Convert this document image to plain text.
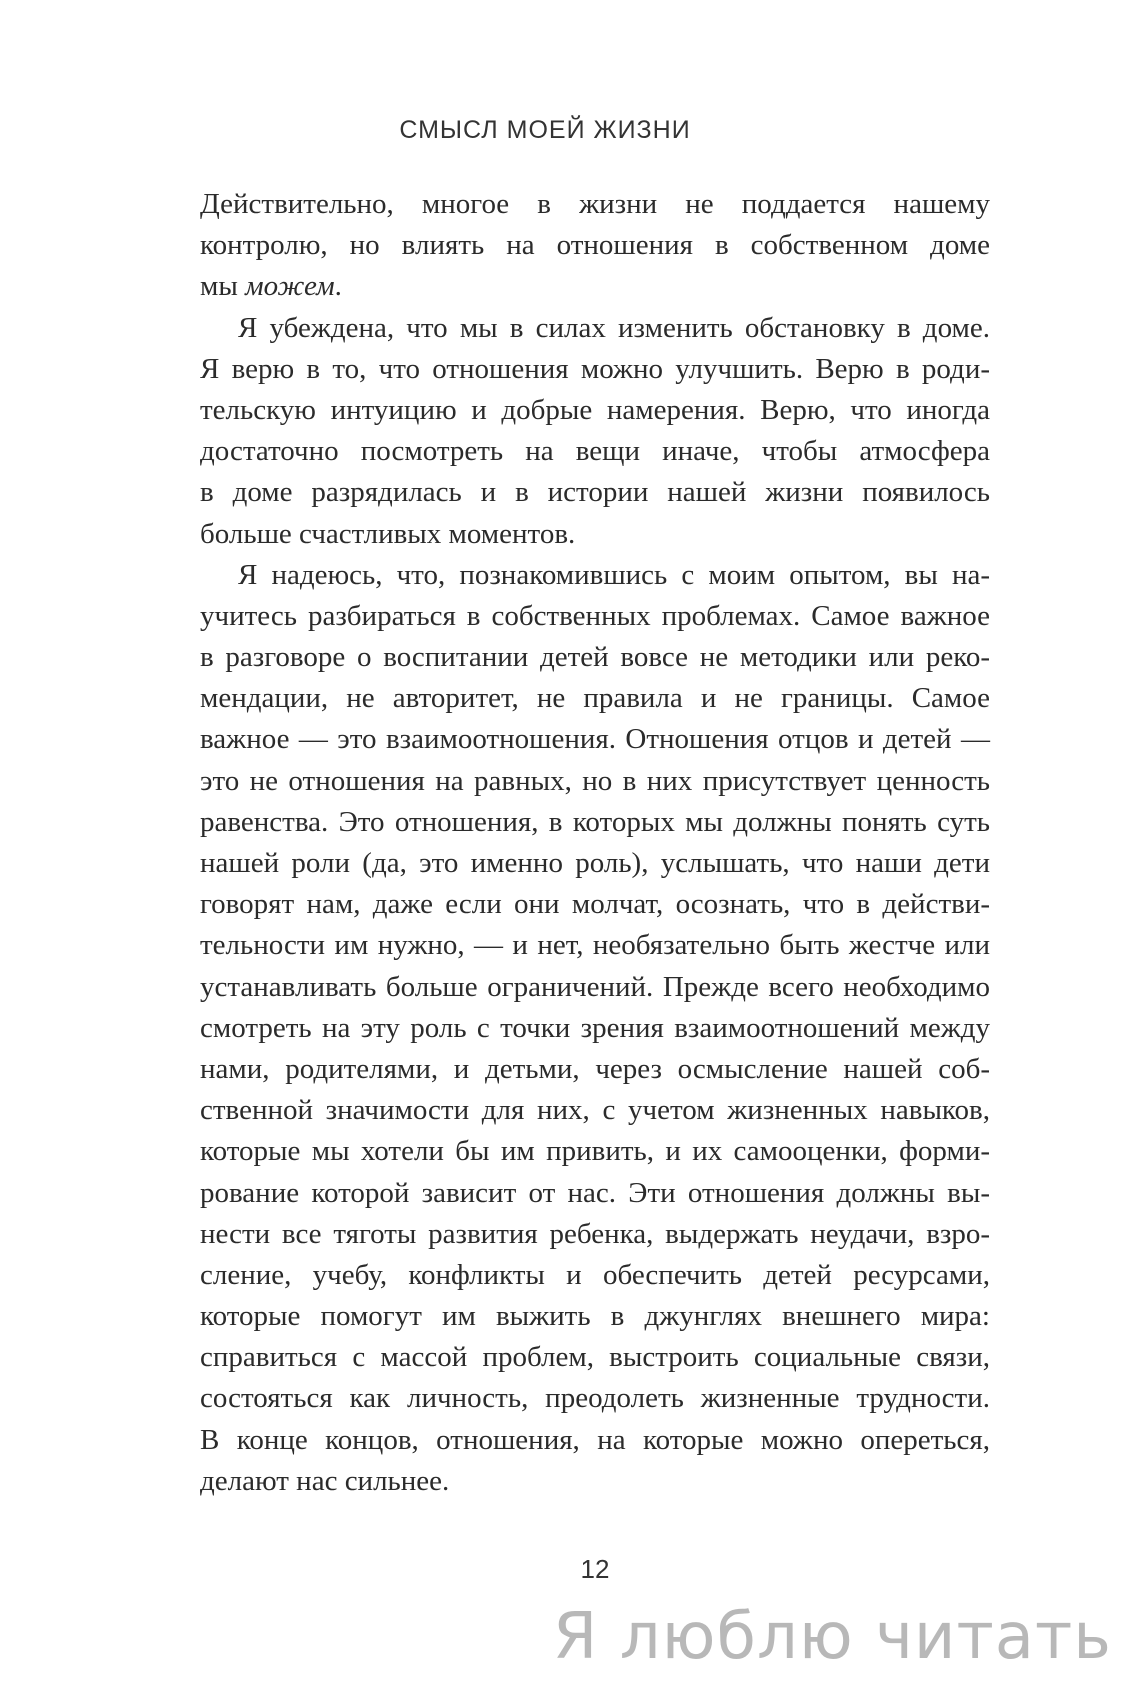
СМЫСЛ МОЕЙ ЖИЗНИ
Действительно, многое в жизни не поддается нашему
контролю, но влиять на отношения в собственном доме
мы можем.
Я убеждена, что мы в силах изменить обстановку в доме.
Я верю в то, что отношения можно улучшить. Верю в роди-
тельскую интуицию и добрые намерения. Верю, что иногда
достаточно посмотреть на вещи иначе, чтобы атмосфера
в доме разрядилась и в истории нашей жизни появилось
больше счастливых моментов.
Я надеюсь, что, познакомившись с моим опытом, вы на-
учитесь разбираться в собственных проблемах. Самое важное
в разговоре о воспитании детей вовсе не методики или реко-
мендации, не авторитет, не правила и не границы. Самое
важное — это взаимоотношения. Отношения отцов и детей —
это не отношения на равных, но в них присутствует ценность
равенства. Это отношения, в которых мы должны понять суть
нашей роли (да, это именно роль), услышать, что наши дети
говорят нам, даже если они молчат, осознать, что в действи-
тельности им нужно, — и нет, необязательно быть жестче или
устанавливать больше ограничений. Прежде всего необходимо
смотреть на эту роль с точки зрения взаимоотношений между
нами, родителями, и детьми, через осмысление нашей соб-
ственной значимости для них, с учетом жизненных навыков,
которые мы хотели бы им привить, и их самооценки, форми-
рование которой зависит от нас. Эти отношения должны вы-
нести все тяготы развития ребенка, выдержать неудачи, взро-
сление, учебу, конфликты и обеспечить детей ресурсами,
которые помогут им выжить в джунглях внешнего мира:
справиться с массой проблем, выстроить социальные связи,
состояться как личность, преодолеть жизненные трудности.
В конце концов, отношения, на которые можно опереться,
делают нас сильнее.
12
Я люблю читать
